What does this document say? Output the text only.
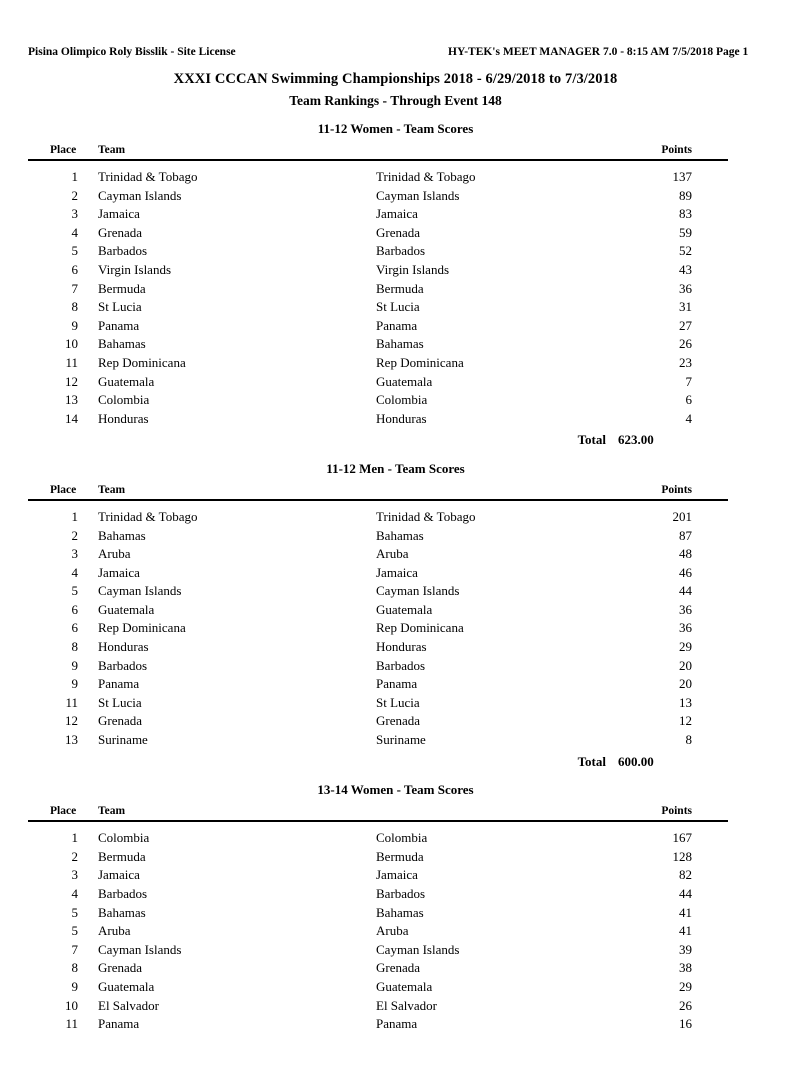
Pisina Olimpico Roly Bisslik - Site License	HY-TEK's MEET MANAGER 7.0 - 8:15 AM 7/5/2018 Page 1
XXXI CCCAN Swimming Championships 2018 - 6/29/2018 to 7/3/2018
Team Rankings - Through Event 148
11-12 Women - Team Scores
Place	Team		Points
1	Trinidad & Tobago	Trinidad & Tobago	137
2	Cayman Islands	Cayman Islands	89
3	Jamaica	Jamaica	83
4	Grenada	Grenada	59
5	Barbados	Barbados	52
6	Virgin Islands	Virgin Islands	43
7	Bermuda	Bermuda	36
8	St Lucia	St Lucia	31
9	Panama	Panama	27
10	Bahamas	Bahamas	26
11	Rep Dominicana	Rep Dominicana	23
12	Guatemala	Guatemala	7
13	Colombia	Colombia	6
14	Honduras	Honduras	4
		Total	623.00
11-12 Men - Team Scores
Place	Team		Points
1	Trinidad & Tobago	Trinidad & Tobago	201
2	Bahamas	Bahamas	87
3	Aruba	Aruba	48
4	Jamaica	Jamaica	46
5	Cayman Islands	Cayman Islands	44
6	Guatemala	Guatemala	36
6	Rep Dominicana	Rep Dominicana	36
8	Honduras	Honduras	29
9	Barbados	Barbados	20
9	Panama	Panama	20
11	St Lucia	St Lucia	13
12	Grenada	Grenada	12
13	Suriname	Suriname	8
		Total	600.00
13-14 Women - Team Scores
Place	Team		Points
1	Colombia	Colombia	167
2	Bermuda	Bermuda	128
3	Jamaica	Jamaica	82
4	Barbados	Barbados	44
5	Bahamas	Bahamas	41
5	Aruba	Aruba	41
7	Cayman Islands	Cayman Islands	39
8	Grenada	Grenada	38
9	Guatemala	Guatemala	29
10	El Salvador	El Salvador	26
11	Panama	Panama	16
